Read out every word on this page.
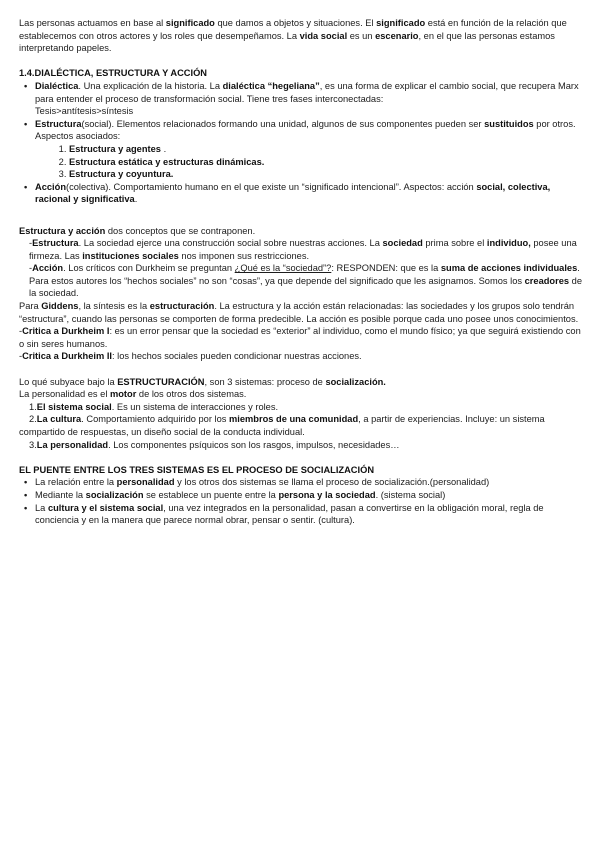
Las personas actuamos en base al significado que damos a objetos y situaciones. El significado está en función de la relación que establecemos con otros actores y los roles que desempeñamos. La vida social es un escenario, en el que las personas estamos interpretando papeles.

1.4.DIALÉCTICA, ESTRUCTURA Y ACCIÓN
• Dialéctica. Una explicación de la historia. La dialéctica “hegeliana”, es una forma de explicar el cambio social, que recupera Marx para entender el proceso de transformación social. Tiene tres fases interconectadas:
Tesis>antítesis>síntesis
• Estructura(social). Elementos relacionados formando una unidad, algunos de sus componentes pueden ser sustituidos por otros. Aspectos asociados:
1. Estructura y agentes .
2. Estructura estática y estructuras dinámicas.
3. Estructura y coyuntura.
• Acción(colectiva). Comportamiento humano en el que existe un “significado intencional”. Aspectos: acción social, colectiva, racional y significativa.

Estructura y acción dos conceptos que se contraponen.

-Estructura. La sociedad ejerce una construcción social sobre nuestras acciones. La sociedad prima sobre el individuo, posee una firmeza. Las instituciones sociales nos imponen sus restricciones.

-Acción. Los críticos con Durkheim se preguntan ¿Qué es la “sociedad”?: RESPONDEN: que es la suma de acciones individuales. Para estos autores los “hechos sociales” no son “cosas”, ya que depende del significado que les asignamos. Somos los creadores de la sociedad.

Para Giddens, la síntesis es la estructuración. La estructura y la acción están relacionadas: las sociedades y los grupos solo tendrán “estructura”, cuando las personas se comporten de forma predecible. La acción es posible porque cada uno posee unos conocimientos.

-Critica a Durkheim I: es un error pensar que la sociedad es “exterior” al individuo, como el mundo físico; ya que seguirá existiendo con o sin seres humanos.

-Critica a Durkheim II: los hechos sociales pueden condicionar nuestras acciones.

Lo qué subyace bajo la ESTRUCTURACIÓN, son 3 sistemas: proceso de socialización.

La personalidad es el motor de los otros dos sistemas.

1.El sistema social. Es un sistema de interacciones y roles.

2.La cultura. Comportamiento adquirido por los miembros de una comunidad, a partir de experiencias. Incluye: un sistema compartido de respuestas, un diseño social de la conducta individual.

3.La personalidad. Los componentes psíquicos son los rasgos, impulsos, necesidades…

EL PUENTE ENTRE LOS TRES SISTEMAS ES EL PROCESO DE SOCIALIZACIÓN
• La relación entre la personalidad y los otros dos sistemas se llama el proceso de socialización.(personalidad)
• Mediante la socialización se establece un puente entre la persona y la sociedad. (sistema social)
• La cultura y el sistema social, una vez integrados en la personalidad, pasan a convertirse en la obligación moral, regla de conciencia y en la manera que parece normal obrar, pensar o sentir. (cultura).
